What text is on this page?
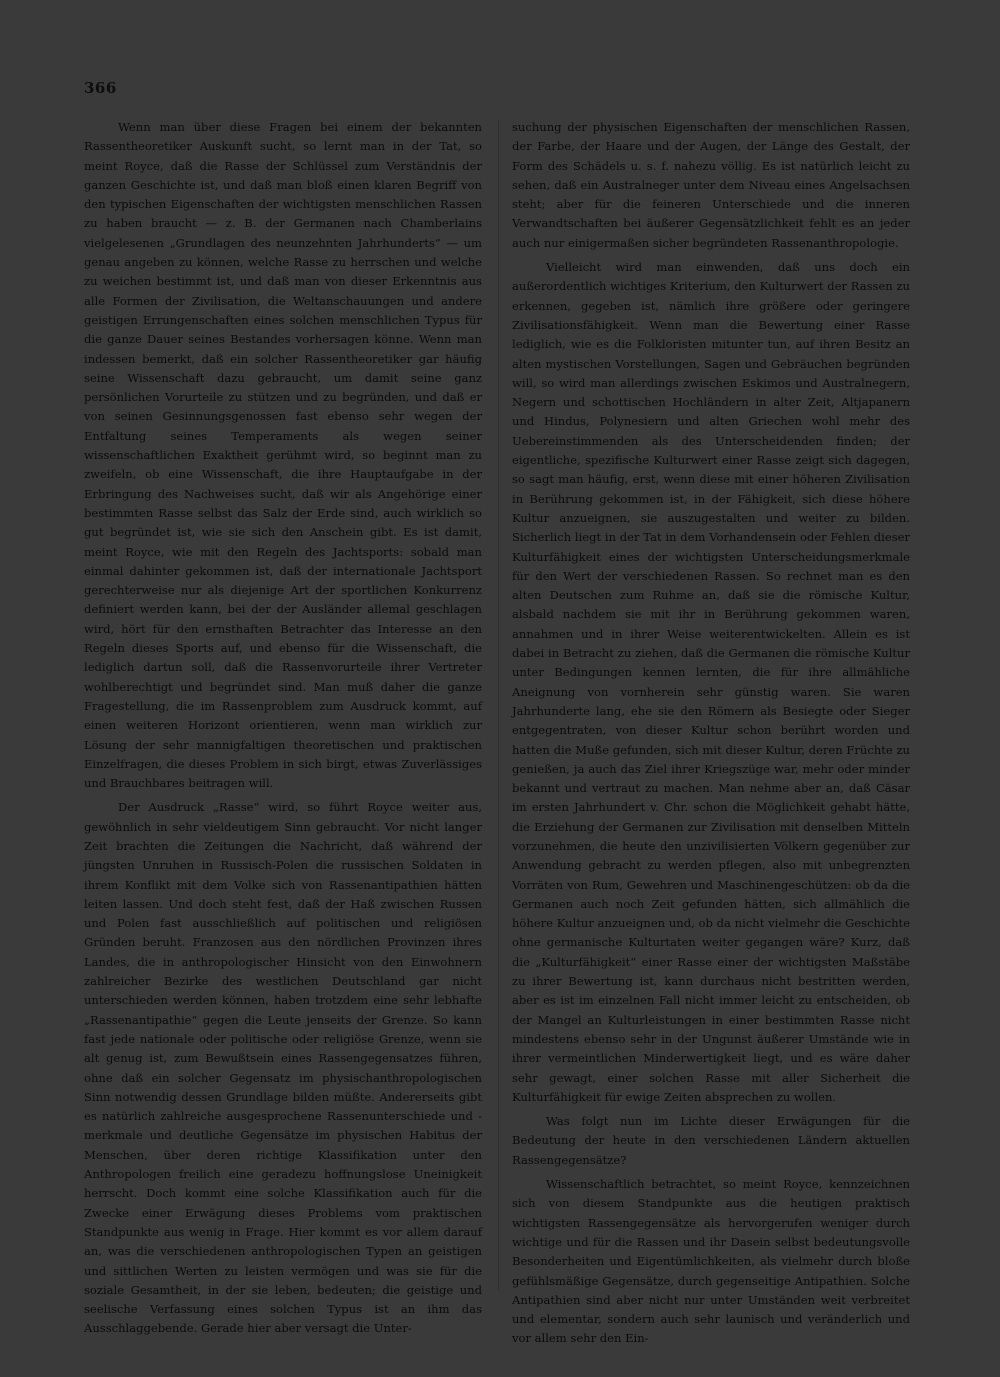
366

Wenn man über diese Fragen bei einem der bekannten Rassentheoretiker Auskunft sucht, so lernt man in der Tat, so meint Royce, daß die Rasse der Schlüssel zum Verständnis der ganzen Geschichte ist, und daß man bloß einen klaren Begriff von den typischen Eigenschaften der wichtigsten menschlichen Rassen zu haben braucht — z. B. der Germanen nach Chamberlains vielgelesenen „Grundlagen des neunzehnten Jahrhunderts“ — um genau angeben zu können, welche Rasse zu herrschen und welche zu weichen bestimmt ist, und daß man von dieser Erkenntnis aus alle Formen der Zivilisation, die Weltanschauungen und andere geistigen Errungenschaften eines solchen menschlichen Typus für die ganze Dauer seines Bestandes vorhersagen könne. Wenn man indessen bemerkt, daß ein solcher Rassentheoretiker gar häufig seine Wissenschaft dazu gebraucht, um damit seine ganz persönlichen Vorurteile zu stützen und zu begründen, und daß er von seinen Gesinnungsgenossen fast ebenso sehr wegen der Entfaltung seines Temperaments als wegen seiner wissenschaftlichen Exaktheit gerühmt wird, so beginnt man zu zweifeln, ob eine Wissenschaft, die ihre Hauptaufgabe in der Erbringung des Nachweises sucht, daß wir als Angehörige einer bestimmten Rasse selbst das Salz der Erde sind, auch wirklich so gut begründet ist, wie sie sich den Anschein gibt. Es ist damit, meint Royce, wie mit den Regeln des Jachtsports: sobald man einmal dahinter gekommen ist, daß der internationale Jachtsport gerechterweise nur als diejenige Art der sportlichen Konkurrenz definiert werden kann, bei der der Ausländer allemal geschlagen wird, hört für den ernsthaften Betrachter das Interesse an den Regeln dieses Sports auf, und ebenso für die Wissenschaft, die lediglich dartun soll, daß die Rassenvorurteile ihrer Vertreter wohlberechtigt und begründet sind. Man muß daher die ganze Fragestellung, die im Rassenproblem zum Ausdruck kommt, auf einen weiteren Horizont orientieren, wenn man wirklich zur Lösung der sehr mannigfaltigen theoretischen und praktischen Einzelfragen, die dieses Problem in sich birgt, etwas Zuverlässiges und Brauchbares beitragen will.

Der Ausdruck „Rasse“ wird, so führt Royce weiter aus, gewöhnlich in sehr vieldeutigem Sinn gebraucht. Vor nicht langer Zeit brachten die Zeitungen die Nachricht, daß während der jüngsten Unruhen in Russisch-Polen die russischen Soldaten in ihrem Konflikt mit dem Volke sich von Rassenantipathien hätten leiten lassen. Und doch steht fest, daß der Haß zwischen Russen und Polen fast ausschließlich auf politischen und religiösen Gründen beruht. Franzosen aus den nördlichen Provinzen ihres Landes, die in anthropologischer Hinsicht von den Einwohnern zahlreicher Bezirke des westlichen Deutschland gar nicht unterschieden werden können, haben trotzdem eine sehr lebhafte „Rassenantipathie“ gegen die Leute jenseits der Grenze. So kann fast jede nationale oder politische oder religiöse Grenze, wenn sie alt genug ist, zum Bewußtsein eines Rassengegensatzes führen, ohne daß ein solcher Gegensatz im physischanthropologischen Sinn notwendig dessen Grundlage bilden müßte. Andererseits gibt es natürlich zahlreiche ausgesprochene Rassenunterschiede und -merkmale und deutliche Gegensätze im physischen Habitus der Menschen, über deren richtige Klassifikation unter den Anthropologen freilich eine geradezu hoffnungslose Uneinigkeit herrscht. Doch kommt eine solche Klassifikation auch für die Zwecke einer Erwägung dieses Problems vom praktischen Standpunkte aus wenig in Frage. Hier kommt es vor allem darauf an, was die verschiedenen anthropologischen Typen an geistigen und sittlichen Werten zu leisten vermögen und was sie für die soziale Gesamtheit, in der sie leben, bedeuten; die geistige und seelische Verfassung eines solchen Typus ist an ihm das Ausschlaggebende. Gerade hier aber versagt die Unter-

suchung der physischen Eigenschaften der menschlichen Rassen, der Farbe, der Haare und der Augen, der Länge des Gestalt, der Form des Schädels u. s. f. nahezu völlig. Es ist natürlich leicht zu sehen, daß ein Australneger unter dem Niveau eines Angelsachsen steht; aber für die feineren Unterschiede und die inneren Verwandtschaften bei äußerer Gegensätzlichkeit fehlt es an jeder auch nur einigermaßen sicher begründeten Rassenanthropologie.

Vielleicht wird man einwenden, daß uns doch ein außerordentlich wichtiges Kriterium, den Kulturwert der Rassen zu erkennen, gegeben ist, nämlich ihre größere oder geringere Zivilisationsfähigkeit. Wenn man die Bewertung einer Rasse lediglich, wie es die Folkloristen mitunter tun, auf ihren Besitz an alten mystischen Vorstellungen, Sagen und Gebräuchen begründen will, so wird man allerdings zwischen Eskimos und Australnegern, Negern und schottischen Hochländern in alter Zeit, Altjapanern und Hindus, Polynesiern und alten Griechen wohl mehr des Uebereinstimmenden als des Unterscheidenden finden; der eigentliche, spezifische Kulturwert einer Rasse zeigt sich dagegen, so sagt man häufig, erst, wenn diese mit einer höheren Zivilisation in Berührung gekommen ist, in der Fähigkeit, sich diese höhere Kultur anzueignen, sie auszugestalten und weiter zu bilden. Sicherlich liegt in der Tat in dem Vorhandensein oder Fehlen dieser Kulturfähigkeit eines der wichtigsten Unterscheidungsmerkmale für den Wert der verschiedenen Rassen. So rechnet man es den alten Deutschen zum Ruhme an, daß sie die römische Kultur, alsbald nachdem sie mit ihr in Berührung gekommen waren, annahmen und in ihrer Weise weiterentwickelten. Allein es ist dabei in Betracht zu ziehen, daß die Germanen die römische Kultur unter Bedingungen kennen lernten, die für ihre allmähliche Aneignung von vornherein sehr günstig waren. Sie waren Jahrhunderte lang, ehe sie den Römern als Besiegte oder Sieger entgegentraten, von dieser Kultur schon berührt worden und hatten die Muße gefunden, sich mit dieser Kultur, deren Früchte zu genießen, ja auch das Ziel ihrer Kriegszüge war, mehr oder minder bekannt und vertraut zu machen. Man nehme aber an, daß Cäsar im ersten Jahrhundert v. Chr. schon die Möglichkeit gehabt hätte, die Erziehung der Germanen zur Zivilisation mit denselben Mitteln vorzunehmen, die heute den unzivilisierten Völkern gegenüber zur Anwendung gebracht zu werden pflegen, also mit unbegrenzten Vorräten von Rum, Gewehren und Maschinengeschützen: ob da die Germanen auch noch Zeit gefunden hätten, sich allmählich die höhere Kultur anzueignen und, ob da nicht vielmehr die Geschichte ohne germanische Kulturtaten weiter gegangen wäre? Kurz, daß die „Kulturfähigkeit“ einer Rasse einer der wichtigsten Maßstäbe zu ihrer Bewertung ist, kann durchaus nicht bestritten werden, aber es ist im einzelnen Fall nicht immer leicht zu entscheiden, ob der Mangel an Kulturleistungen in einer bestimmten Rasse nicht mindestens ebenso sehr in der Ungunst äußerer Umstände wie in ihrer vermeintlichen Minderwertigkeit liegt, und es wäre daher sehr gewagt, einer solchen Rasse mit aller Sicherheit die Kulturfähigkeit für ewige Zeiten absprechen zu wollen.

Was folgt nun im Lichte dieser Erwägungen für die Bedeutung der heute in den verschiedenen Ländern aktuellen Rassengegensätze?

Wissenschaftlich betrachtet, so meint Royce, kennzeichnen sich von diesem Standpunkte aus die heutigen praktisch wichtigsten Rassengegensätze als hervorgerufen weniger durch wichtige und für die Rassen und ihr Dasein selbst bedeutungsvolle Besonderheiten und Eigentümlichkeiten, als vielmehr durch bloße gefühlsmäßige Gegensätze, durch gegenseitige Antipathien. Solche Antipathien sind aber nicht nur unter Umständen weit verbreitet und elementar, sondern auch sehr launisch und veränderlich und vor allem sehr den Ein-
